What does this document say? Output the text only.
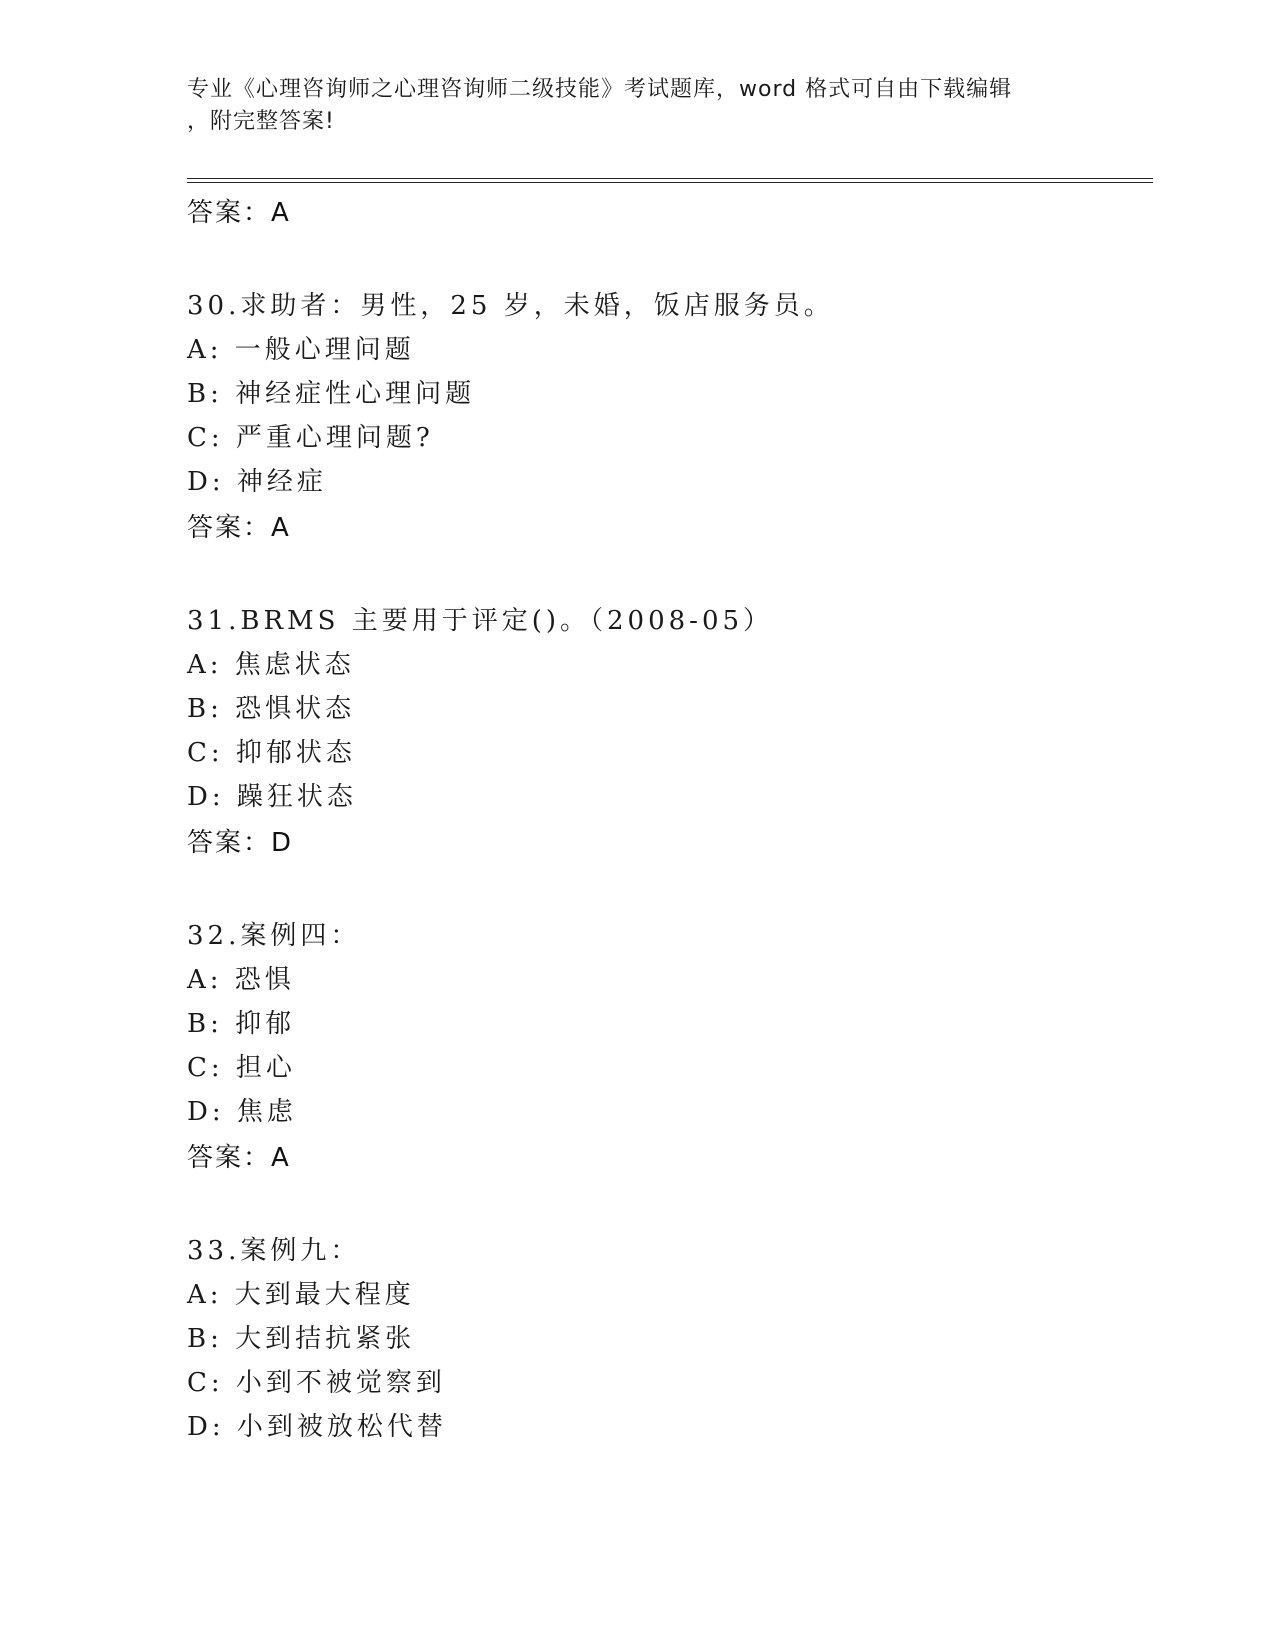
专业《心理咨询师之心理咨询师二级技能》考试题库，word 格式可自由下载编辑
，附完整答案!
答案：A
30.求助者：男性，25 岁，未婚，饭店服务员。
A: 一般心理问题
B: 神经症性心理问题
C: 严重心理问题?
D: 神经症
答案：A
31.BRMS 主要用于评定()。（2008-05）
A: 焦虑状态
B: 恐惧状态
C: 抑郁状态
D: 躁狂状态
答案：D
32.案例四：
A: 恐惧
B: 抑郁
C: 担心
D: 焦虑
答案：A
33.案例九：
A: 大到最大程度
B: 大到拮抗紧张
C: 小到不被觉察到
D: 小到被放松代替
